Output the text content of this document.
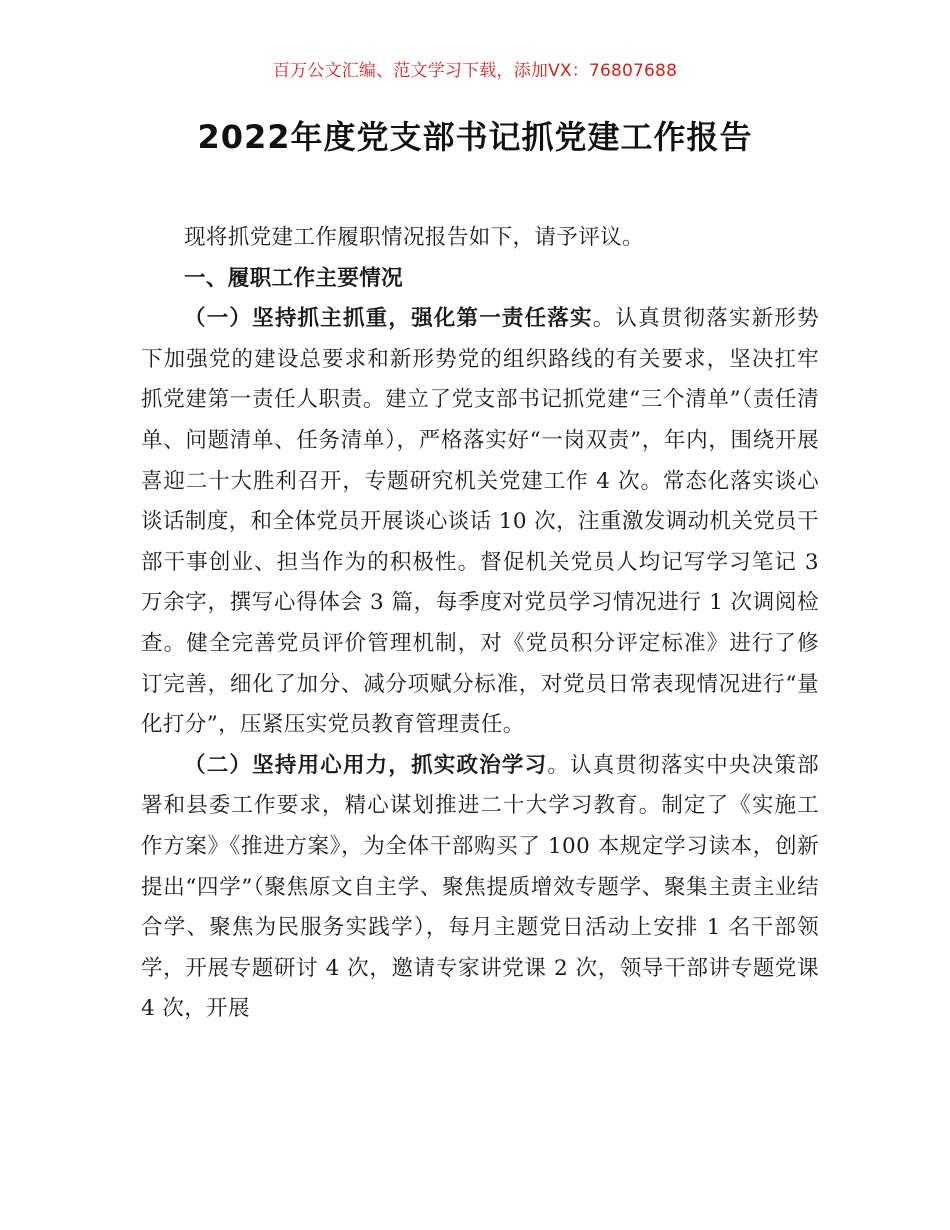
百万公文汇编、范文学习下载，添加VX：76807688
2022年度党支部书记抓党建工作报告

现将抓党建工作履职情况报告如下，请予评议。

一、履职工作主要情况

（一）坚持抓主抓重，强化第一责任落实。认真贯彻落实新形势下加强党的建设总要求和新形势党的组织路线的有关要求，坚决扛牢抓党建第一责任人职责。建立了党支部书记抓党建“三个清单”（责任清单、问题清单、任务清单），严格落实好“一岗双责”，年内，围绕开展喜迎二十大胜利召开，专题研究机关党建工作 4 次。常态化落实谈心谈话制度，和全体党员开展谈心谈话 10 次，注重激发调动机关党员干部干事创业、担当作为的积极性。督促机关党员人均记写学习笔记 3 万余字，撰写心得体会 3 篇，每季度对党员学习情况进行 1 次调阅检查。健全完善党员评价管理机制，对《党员积分评定标准》进行了修订完善，细化了加分、减分项赋分标准，对党员日常表现情况进行“量化打分”，压紧压实党员教育管理责任。

（二）坚持用心用力，抓实政治学习。认真贯彻落实中央决策部署和县委工作要求，精心谋划推进二十大学习教育。制定了《实施工作方案》《推进方案》，为全体干部购买了 100 本规定学习读本，创新提出“四学”（聚焦原文自主学、聚焦提质增效专题学、聚集主责主业结合学、聚焦为民服务实践学），每月主题党日活动上安排 1 名干部领学，开展专题研讨 4 次，邀请专家讲党课 2 次，领导干部讲专题党课 4 次，开展
